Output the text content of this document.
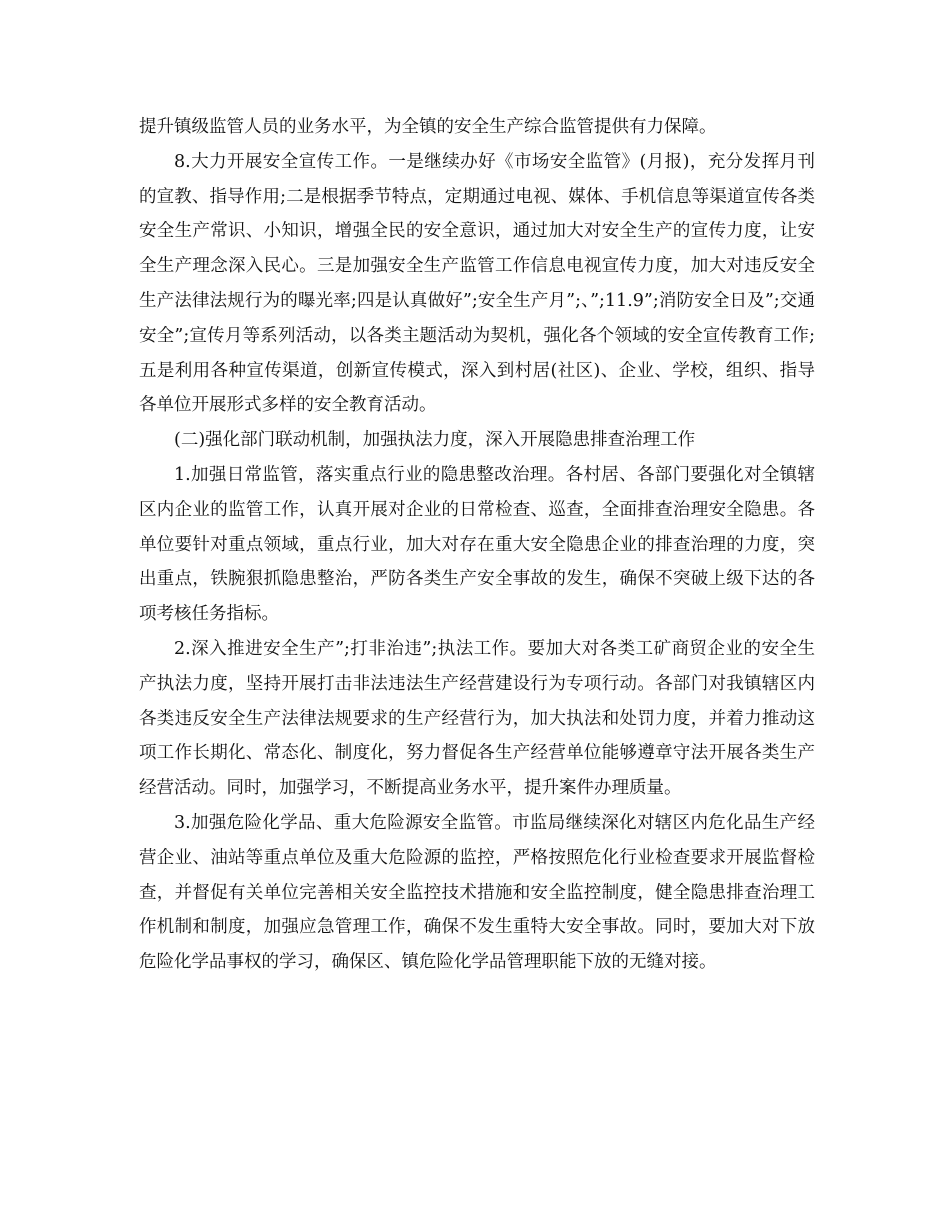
提升镇级监管人员的业务水平，为全镇的安全生产综合监管提供有力保障。

8.大力开展安全宣传工作。一是继续办好《市场安全监管》(月报)，充分发挥月刊的宣教、指导作用;二是根据季节特点，定期通过电视、媒体、手机信息等渠道宣传各类安全生产常识、小知识，增强全民的安全意识，通过加大对安全生产的宣传力度，让安全生产理念深入民心。三是加强安全生产监管工作信息电视宣传力度，加大对违反安全生产法律法规行为的曝光率;四是认真做好”;安全生产月”;、”;11.9”;消防安全日及”;交通安全”;宣传月等系列活动，以各类主题活动为契机，强化各个领域的安全宣传教育工作;五是利用各种宣传渠道，创新宣传模式，深入到村居(社区)、企业、学校，组织、指导各单位开展形式多样的安全教育活动。

(二)强化部门联动机制，加强执法力度，深入开展隐患排查治理工作

1.加强日常监管，落实重点行业的隐患整改治理。各村居、各部门要强化对全镇辖区内企业的监管工作，认真开展对企业的日常检查、巡查，全面排查治理安全隐患。各单位要针对重点领域，重点行业，加大对存在重大安全隐患企业的排查治理的力度，突出重点，铁腕狠抓隐患整治，严防各类生产安全事故的发生，确保不突破上级下达的各项考核任务指标。

2.深入推进安全生产”;打非治违”;执法工作。要加大对各类工矿商贸企业的安全生产执法力度，坚持开展打击非法违法生产经营建设行为专项行动。各部门对我镇辖区内各类违反安全生产法律法规要求的生产经营行为，加大执法和处罚力度，并着力推动这项工作长期化、常态化、制度化，努力督促各生产经营单位能够遵章守法开展各类生产经营活动。同时，加强学习，不断提高业务水平，提升案件办理质量。

3.加强危险化学品、重大危险源安全监管。市监局继续深化对辖区内危化品生产经营企业、油站等重点单位及重大危险源的监控，严格按照危化行业检查要求开展监督检查，并督促有关单位完善相关安全监控技术措施和安全监控制度，健全隐患排查治理工作机制和制度，加强应急管理工作，确保不发生重特大安全事故。同时，要加大对下放危险化学品事权的学习，确保区、镇危险化学品管理职能下放的无缝对接。
